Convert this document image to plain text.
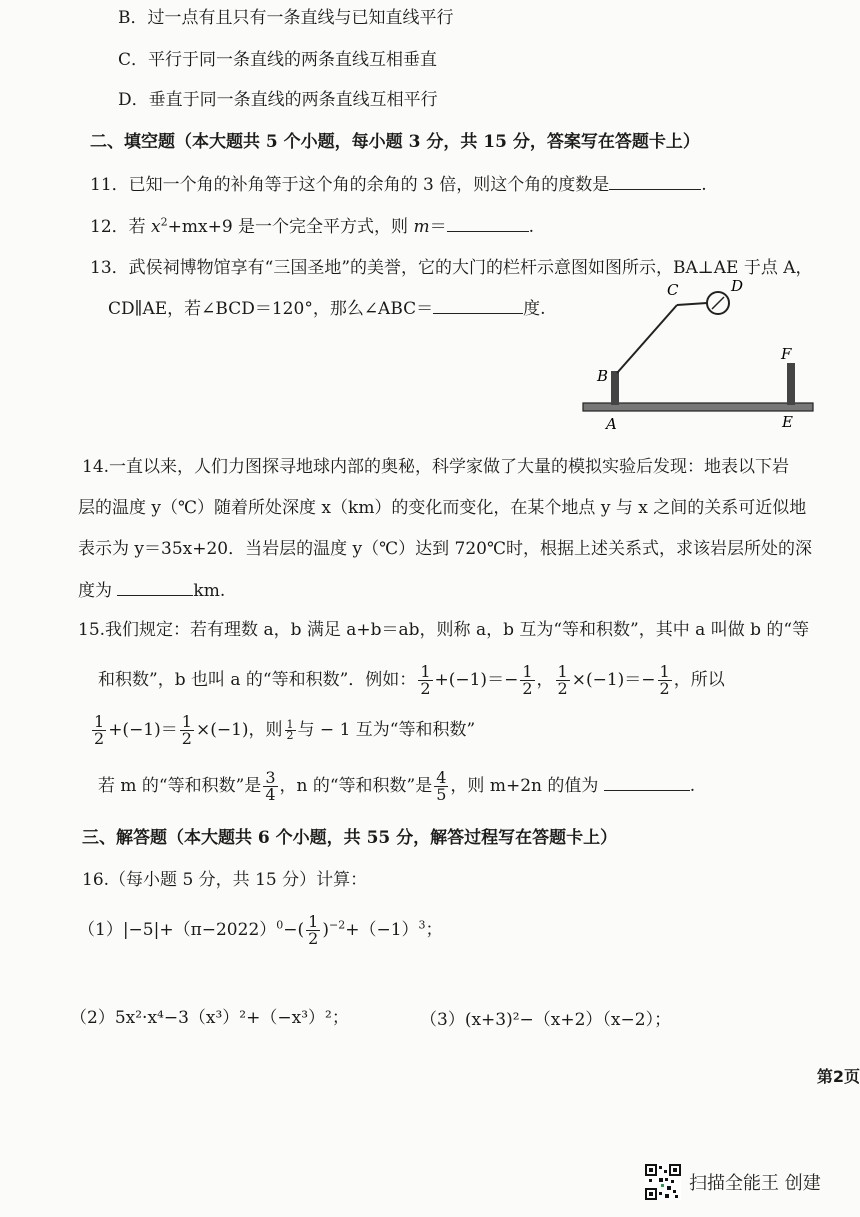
B．过一点有且只有一条直线与已知直线平行
C．平行于同一条直线的两条直线互相垂直
D．垂直于同一条直线的两条直线互相平行
二、填空题（本大题共 5 个小题，每小题 3 分，共 15 分，答案写在答题卡上）
11．已知一个角的补角等于这个角的余角的 3 倍，则这个角的度数是	.
12．若 $x^2+mx+9$ 是一个完全平方式，则 m＝	.
13．武侯祠博物馆享有“三国圣地”的美誉，它的大门的栏杆示意图如图所示，BA⊥AE 于点 A，
CD∥AE，若∠BCD＝120°，那么∠ABC＝	度.
C	D
B
F
A	E
14.一直以来，人们力图探寻地球内部的奥秘，科学家做了大量的模拟实验后发现：地表以下岩
层的温度 y（℃）随着所处深度 x（km）的变化而变化，在某个地点 y 与 x 之间的关系可近似地
表示为 y＝35x+20．当岩层的温度 y（℃）达到 720℃时，根据上述关系式，求该岩层所处的深
度为	km.
15.我们规定：若有理数 a，b 满足 a+b＝ab，则称 a，b 互为“等和积数”，其中 a 叫做 b 的“等
和积数”，b 也叫 a 的“等和积数”．例如： $\frac{1}{2} +(-1)=- \frac{1}{2}$ ， $\frac{1}{2} \times(-1)=- \frac{1}{2}$ ，所以
$\frac{1}{2} +(-1)= \frac{1}{2} \times(-1)$，则 $\frac{1}{2}$ 与 − 1 互为“等和积数”
若 m 的“等和积数”是 $\frac{3}{4}$ ，n 的“等和积数”是 $\frac{4}{5}$ ，则 m+2n 的值为	.
三、解答题（本大题共 6 个小题，共 55 分，解答过程写在答题卡上）
16.（每小题 5 分，共 15 分）计算：
$(1)|-5|+(\pi-2022)^0-( \frac{1}{2} )^{-2}+(-1)^3$；
（2）5x²·x⁴−3（x³）²+（−x³）²；	（3）(x+3)²−（x+2）（x−2）；
第2页
扫描全能王 创建
